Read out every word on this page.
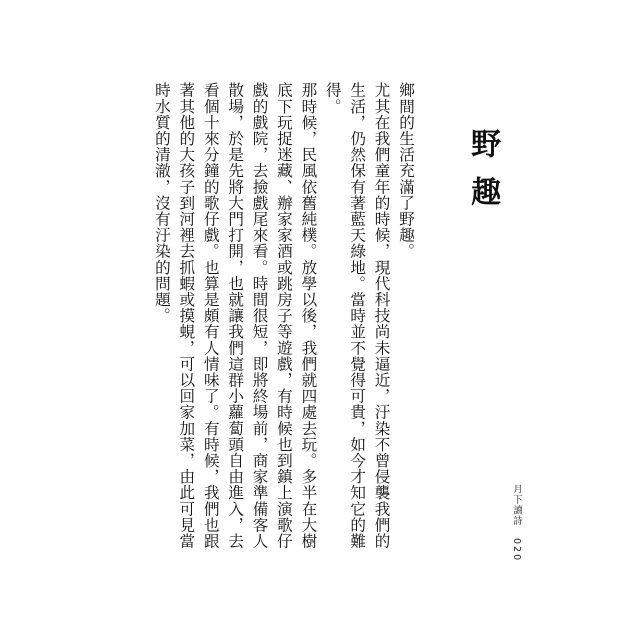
野趣

鄉間的生活充滿了野趣。

尤其在我們童年的時候，現代科技尚未逼近，汙染不曾侵襲我們的生活，仍然保有著藍天綠地。當時並不覺得可貴，如今才知它的難得。

那時候，民風依舊純樸。放學以後，我們就四處去玩。多半在大樹底下玩捉迷藏、辦家家酒或跳房子等遊戲，有時候也到鎮上演歌仔戲的戲院，去撿戲尾來看。時間很短，即將終場前，商家準備客人散場，於是先將大門打開，也就讓我們這群小蘿蔔頭自由進入，去看個十來分鐘的歌仔戲。也算是頗有人情味了。有時候，我們也跟著其他的大孩子到河裡去抓蝦或摸蜆，可以回家加菜，由此可見當時水質的清澈，沒有汙染的問題。

月下讀詩 020
